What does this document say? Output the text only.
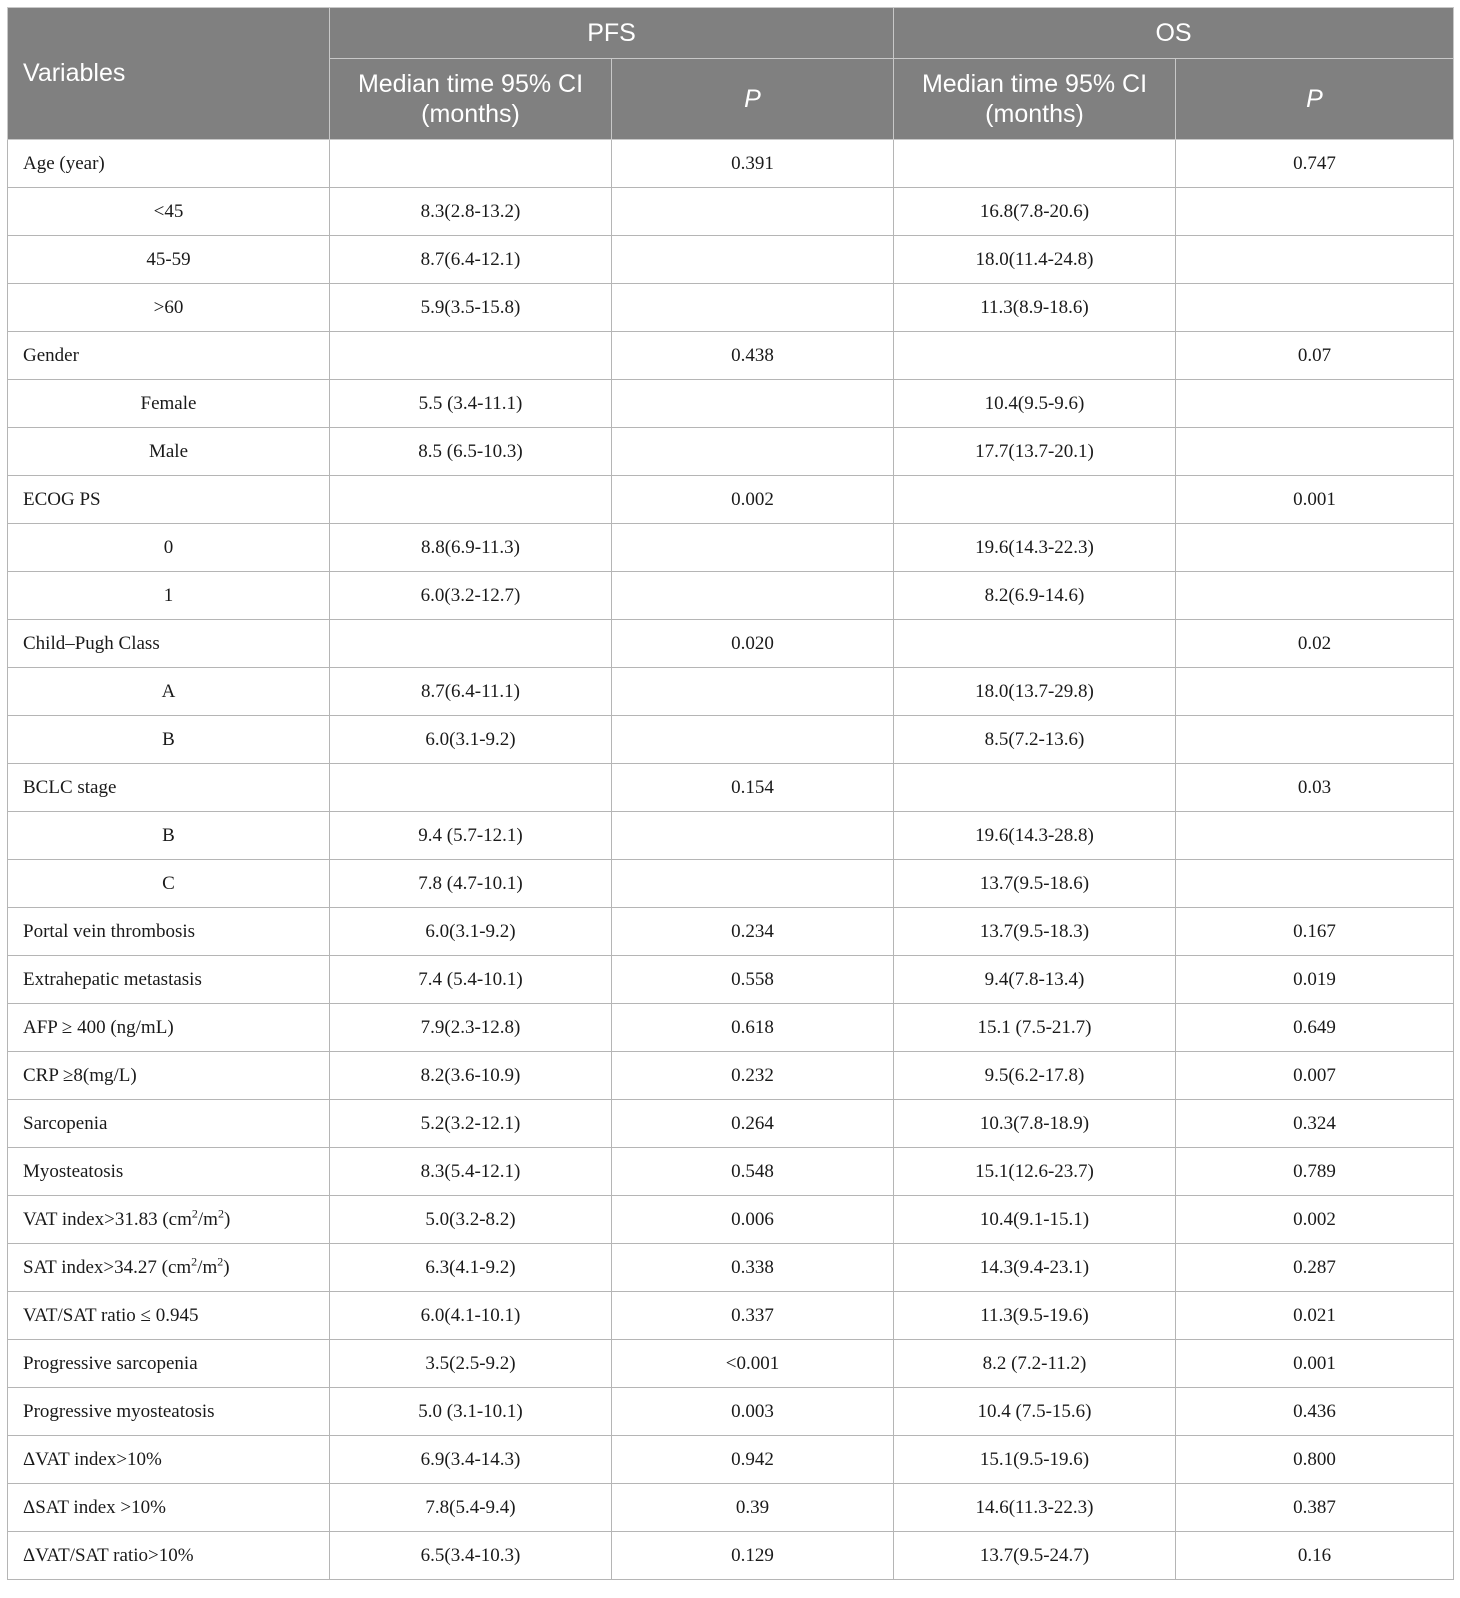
Variables	PFS		OS	
	Median time 95% CI (months)	P	Median time 95% CI (months)	P
Age (year)		0.391		0.747
<45	8.3(2.8-13.2)		16.8(7.8-20.6)	
45-59	8.7(6.4-12.1)		18.0(11.4-24.8)	
>60	5.9(3.5-15.8)		11.3(8.9-18.6)	
Gender		0.438		0.07
Female	5.5 (3.4-11.1)		10.4(9.5-9.6)	
Male	8.5 (6.5-10.3)		17.7(13.7-20.1)	
ECOG PS		0.002		0.001
0	8.8(6.9-11.3)		19.6(14.3-22.3)	
1	6.0(3.2-12.7)		8.2(6.9-14.6)	
Child–Pugh Class		0.020		0.02
A	8.7(6.4-11.1)		18.0(13.7-29.8)	
B	6.0(3.1-9.2)		8.5(7.2-13.6)	
BCLC stage		0.154		0.03
B	9.4 (5.7-12.1)		19.6(14.3-28.8)	
C	7.8 (4.7-10.1)		13.7(9.5-18.6)	
Portal vein thrombosis	6.0(3.1-9.2)	0.234	13.7(9.5-18.3)	0.167
Extrahepatic metastasis	7.4 (5.4-10.1)	0.558	9.4(7.8-13.4)	0.019
AFP ≥ 400 (ng/mL)	7.9(2.3-12.8)	0.618	15.1 (7.5-21.7)	0.649
CRP ≥8(mg/L)	8.2(3.6-10.9)	0.232	9.5(6.2-17.8)	0.007
Sarcopenia	5.2(3.2-12.1)	0.264	10.3(7.8-18.9)	0.324
Myosteatosis	8.3(5.4-12.1)	0.548	15.1(12.6-23.7)	0.789
VAT index>31.83 $(cm^2/m^2)$	5.0(3.2-8.2)	0.006	10.4(9.1-15.1)	0.002
SAT index>34.27 $(cm^2/m^2)$	6.3(4.1-9.2)	0.338	14.3(9.4-23.1)	0.287
VAT/SAT ratio ≤ 0.945	6.0(4.1-10.1)	0.337	11.3(9.5-19.6)	0.021
Progressive sarcopenia	3.5(2.5-9.2)	<0.001	8.2 (7.2-11.2)	0.001
Progressive myosteatosis	5.0 (3.1-10.1)	0.003	10.4 (7.5-15.6)	0.436
ΔVAT index>10%	6.9(3.4-14.3)	0.942	15.1(9.5-19.6)	0.800
ΔSAT index >10%	7.8(5.4-9.4)	0.39	14.6(11.3-22.3)	0.387
ΔVAT/SAT ratio>10%	6.5(3.4-10.3)	0.129	13.7(9.5-24.7)	0.16
